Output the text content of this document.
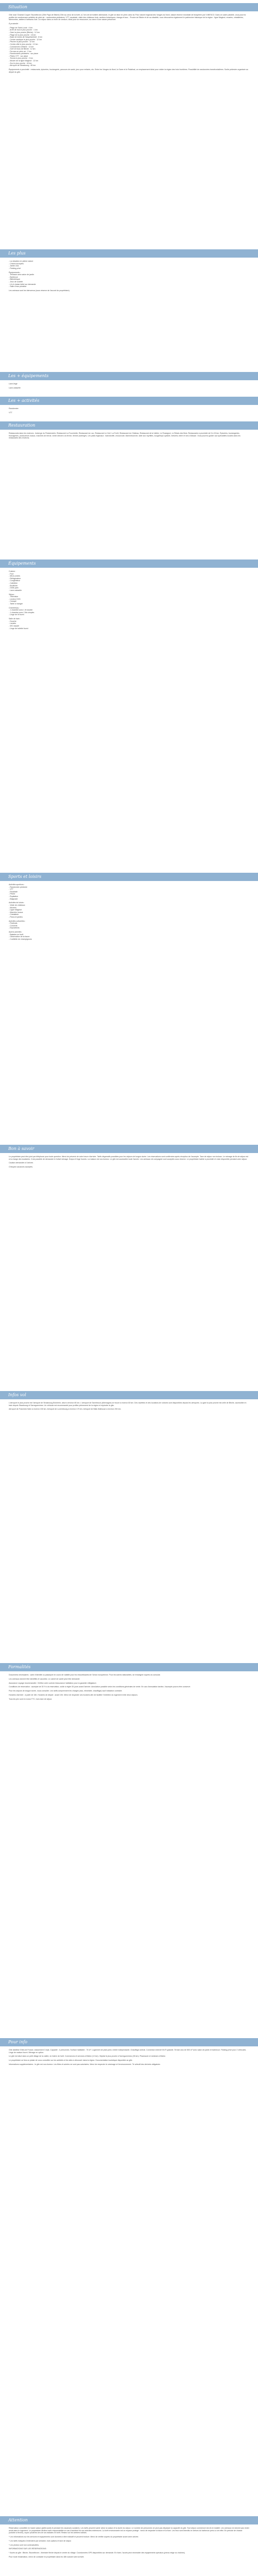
Situation

Gîte rural 'Chantal Coquin' Sturzelbronn (Gîte Pays de Bitche) Gîte au cœur de la forêt, à 2 km de la frontière allemande, le gîte se situe en plein cœur du Parc naturel régional des Vosges du Nord, classé réserve mondiale de biosphère par l'UNESCO. Dans ce cadre paisible, vous pourrez profiter de nombreuses activités de plein air : randonnées pédestres, VTT, escalade, visite des châteaux forts, sentiers botaniques, étangs et lacs... Proche de Bitche et de sa citadelle, vous découvrirez également le patrimoine historique de la région : ligne Maginot, musées, cristalleries, faïenceries, ateliers d'artisans d'art. Un séjour dans un écrin de verdure, idéal pour se ressourcer, au cœur d'une nature préservée.

À proximité :

- Plage de Saint-Louis : 4 km
- Arrêt de bus le plus proche : 1 km
- Gare la plus proche (Bitche) : 12 km
- Plage de la plus proche : 18 km
- Base de loisirs de Haspelschiedt : 8 km
- Centre nautique le plus proche : 12 km
- Piscine la plus proche : 12 km
- Centre-ville le plus proche : 12 km
- Commerces à Bitche : 12 km
- Golf 18 trous de Bitche : 12 km
- Fermes en plein air : 2 km
- Randonnées pédestres : sur place
- Pistes VTT : sur place
- Tennis le plus proche : 2 km
- Musée de la ligne Maginot : 12 km
- Zoo le plus proche : 40 km
- Aéroport de Strasbourg : 80 km

Équipements à proximité : restaurants, épiceries, boulangerie, parcours de santé, jeux pour enfants, etc. Entre les Vosges du Nord, la Sarre et le Palatinat, un emplacement idéal pour visiter la région des trois frontières. Possibilité de randonnées transfrontalières. Sortie pédestre organisée au départ du gîte.

Les plus

- La situation en pleine nature
- Chiens acceptés
- Jardin clos
- Parking privé

Équipements :
- Terrasse avec salon de jardin
- Barbecue
- Bibliothèque
- Jeux de société
- Lit et chaise bébé sur demande
- Salle d'eau privative

Les animaux sont les bienvenus (sous réserve de l'accord du propriétaire).

Les + équipements

Lave-linge

Lave-vaisselle

Les + activités

Randonnée

VTT

Restauration

Restaurants dans les environs : Auberge du Fleckenstein, Restaurant La Fourchette, Restaurant du Lac, Restaurant Le Cerf, La Forêt, Restaurant du Château, Restaurant de la Vallée, Le Rossignol, Le Relais des Bois. Restaurants à proximité de 5 à 15 km. Épiceries, boulangeries, fromageries, producteurs locaux, marchés de terroir, vente directe à la ferme, fermes-auberges. Les plats régionaux : baeckeoffe, choucroute, flammekueche, tarte aux myrtilles, kougelhopf, spätzle, bretzels, bière et vins d'Alsace. Vous pourrez goûter aux spécialités locales dans les restaurants des environs.

Équipements

Cuisine :
- Four
- Micro-ondes
- Réfrigérateur
- Congélateur
- Cafetière
- Bouilloire
- Grille-pain
- Lave-vaisselle

Séjour :
- Télévision
- Lecteur DVD
- Canapé
- Table à manger

Chambre(s) :
- 1 chambre avec 1 lit double
- 1 chambre avec 2 lits simples
- Linge de lit fourni

Salle de bain :
- Douche
- Lavabo
- WC séparé
- Linge de toilette fourni

Sports et loisirs

Activités sportives :
- Randonnée pédestre
- VTT
- Escalade
- Pêche
- Équitation
- Baignade

Activités de loisirs :
- Visite de châteaux
- Musées
- Ligne Maginot
- Marchés locaux
- Cristallerie
- Parcs et jardins

Activités culturelles :
- Festivals
- Concerts
- Expositions

Autres activités :
- Balades en forêt
- Observation de la faune
- Cueillette de champignons

Bon à savoir

Le propriétaire peut être joint par téléphone pour toute question. Merci de prévenir de votre heure d'arrivée. Tarifs dégressifs possibles pour les séjours de longue durée. Les réservations sont confirmées après réception de l'acompte. Taxe de séjour non incluse. Le ménage de fin de séjour est à la charge des locataires. Il est possible de demander le forfait ménage. Draps et linge fournis. La maison est non-fumeur. Le gîte est accessible toute l'année. Les animaux de compagnie sont acceptés sous réserve. Le propriétaire habite à proximité et reste disponible pendant votre séjour.

Caution demandée à l'arrivée.

Chèques vacances acceptés.

Infos vol

L'aéroport le plus proche est l'aéroport de Strasbourg-Entzheim, situé à environ 80 km. L'aéroport de Sarrebruck (Allemagne) se trouve à environ 60 km. Des navettes et des locations de voitures sont disponibles depuis les aéroports. La gare la plus proche est celle de Bitche, accessible en train depuis Strasbourg et Sarreguemines. Un véhicule est recommandé pour profiter pleinement de la région et rejoindre le gîte.

Aéroport de Francfort-Hahn à environ 150 km. Aéroport de Luxembourg à environ 170 km. Aéroport de Bâle-Mulhouse à environ 200 km.

Formalités

Documents nécessaires : carte d'identité ou passeport en cours de validité pour les ressortissants de l'Union européenne. Pour les autres nationalités, se renseigner auprès du consulat.

Les animaux doivent être identifiés et vaccinés. Le carnet de santé peut être demandé.

Assurance voyage recommandée. Vérifiez votre contrat d'assurance habitation pour la garantie villégiature.

Conditions de réservation : acompte de 30 % à la réservation, solde à régler 30 jours avant l'arrivée. Annulation possible selon les conditions générales de vente. En cas d'annulation tardive, l'acompte pourra être conservé.

Pour les séjours de longue durée, nous consulter. Les tarifs comprennent les charges (eau, électricité, chauffage) sauf indication contraire.

Horaires d'arrivée : à partir de 16h. Horaires de départ : avant 10h. Merci de respecter ces horaires afin de faciliter l'entretien du logement entre deux séjours.

Tous les prix sont en euros TTC, hors taxe de séjour.

Pour info

Gîte labellisé Gîtes de France, classement 3 épis. Capacité : 4 personnes. Surface habitable : 70 m². Logement de plain-pied, entrée indépendante. Chauffage central. Connexion internet Wi-Fi gratuite. Terrain clos de 500 m² avec salon de jardin et barbecue. Parking privé pour 2 véhicules. Linge de maison fourni. Ménage en option.

Le gîte est situé dans un petit village de la vallée, en lisière de forêt. Commerces et services à Bitche (12 km). Hôpital le plus proche à Sarreguemines (35 km). Pharmacie et médecin à Bitche.

Le propriétaire se fera un plaisir de vous conseiller sur les activités et les sites à découvrir dans la région. Documentation touristique disponible au gîte.

Informations supplémentaires : le gîte est non-fumeur. Les fêtes et soirées ne sont pas autorisées. Merci de respecter le voisinage et l'environnement. Tri sélectif des déchets obligatoire.

Attention

Réservation conseillée en haute saison (juillet-août) et pendant les vacances scolaires. Les tarifs peuvent varier selon la saison et la durée du séjour. Le nombre de personnes ne peut pas dépasser la capacité du gîte. Tout séjour commencé est dû en totalité. Les animaux ne doivent pas rester seuls dans le logement. Le propriétaire décline toute responsabilité en cas d'accident lié aux activités extérieures. La forêt environnante est un espace protégé : merci de respecter la faune et la flore. Les feux sont interdits en dehors du barbecue prévu à cet effet. En période de chasse (octobre à février), soyez prudents lors de vos balades en forêt. Restez sur les sentiers balisés.

* Les informations sur les services et équipements sont données à titre indicatif et peuvent évoluer. Merci de vérifier auprès du propriétaire avant votre arrivée.

* Les tarifs indiqués s'entendent par semaine, hors options et taxe de séjour.

* Les photos sont non contractuelles.

INFORMATIONS SUR LES RÉSERVATIONS :

* Accès au gîte : Bitche, Sturzelbronn - itinéraire fléché depuis le centre du village. Coordonnées GPS disponibles sur demande. En hiver, l'accès peut nécessiter des équipements spéciaux (pneus neige ou chaînes).

Pour toute réclamation, merci de contacter le propriétaire dans les 48h suivant votre arrivée.
